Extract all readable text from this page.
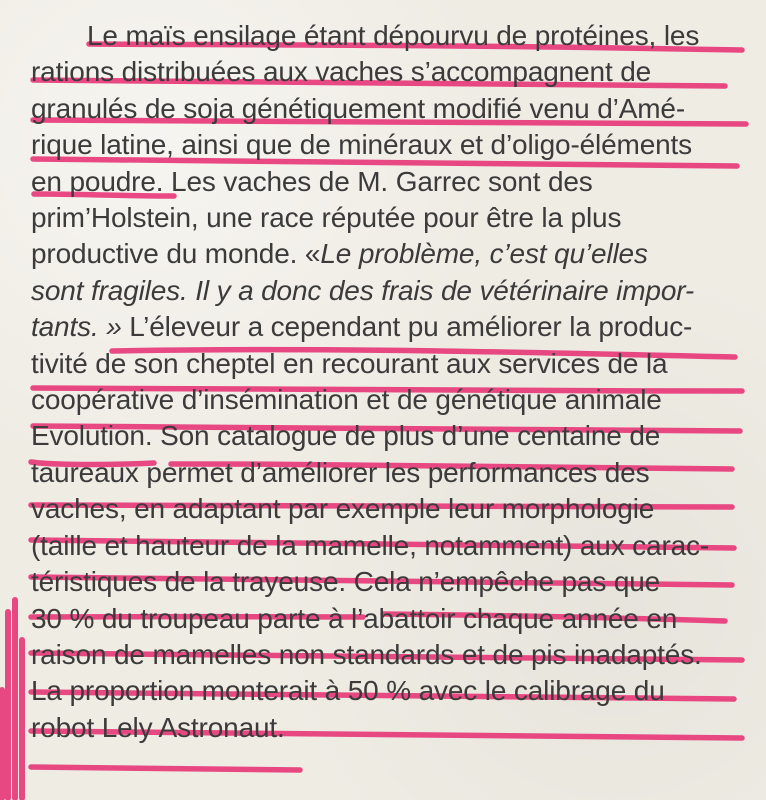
Le maïs ensilage étant dépourvu de protéines, les
rations distribuées aux vaches s’accompagnent de
granulés de soja génétiquement modifié venu d’Amé-
rique latine, ainsi que de minéraux et d’oligo-éléments
en poudre. Les vaches de M. Garrec sont des
prim’Holstein, une race réputée pour être la plus
productive du monde. «Le problème, c’est qu’elles
sont fragiles. Il y a donc des frais de vétérinaire impor-
tants. » L’éleveur a cependant pu améliorer la produc-
tivité de son cheptel en recourant aux services de la
coopérative d’insémination et de génétique animale
Evolution. Son catalogue de plus d’une centaine de
taureaux permet d’améliorer les performances des
vaches, en adaptant par exemple leur morphologie
(taille et hauteur de la mamelle, notamment) aux carac-
téristiques de la trayeuse. Cela n’empêche pas que
30 % du troupeau parte à l’abattoir chaque année en
raison de mamelles non standards et de pis inadaptés.
La proportion monterait à 50 % avec le calibrage du
robot Lely Astronaut.
